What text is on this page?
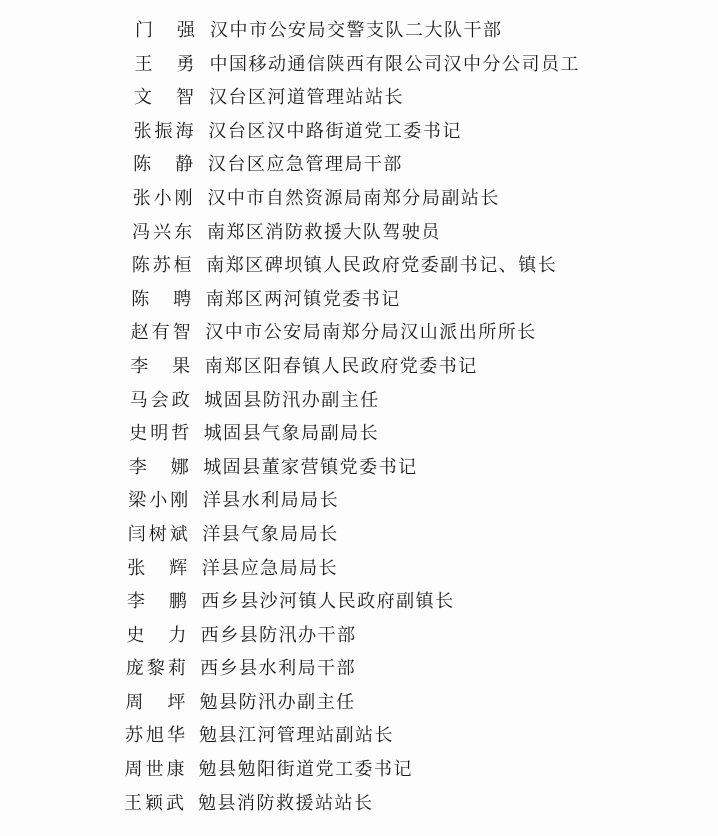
门　强 汉中市公安局交警支队二大队干部
王　勇 中国移动通信陕西有限公司汉中分公司员工
文　智 汉台区河道管理站站长
张振海 汉台区汉中路街道党工委书记
陈　静 汉台区应急管理局干部
张小刚 汉中市自然资源局南郑分局副站长
冯兴东 南郑区消防救援大队驾驶员
陈苏桓 南郑区碑坝镇人民政府党委副书记、镇长
陈　聘 南郑区两河镇党委书记
赵有智 汉中市公安局南郑分局汉山派出所所长
李　果 南郑区阳春镇人民政府党委书记
马会政 城固县防汛办副主任
史明哲 城固县气象局副局长
李　娜 城固县董家营镇党委书记
梁小刚 洋县水利局局长
闫树斌 洋县气象局局长
张　辉 洋县应急局局长
李　鹏 西乡县沙河镇人民政府副镇长
史　力 西乡县防汛办干部
庞黎莉 西乡县水利局干部
周　坪 勉县防汛办副主任
苏旭华 勉县江河管理站副站长
周世康 勉县勉阳街道党工委书记
王颖武 勉县消防救援站站长
